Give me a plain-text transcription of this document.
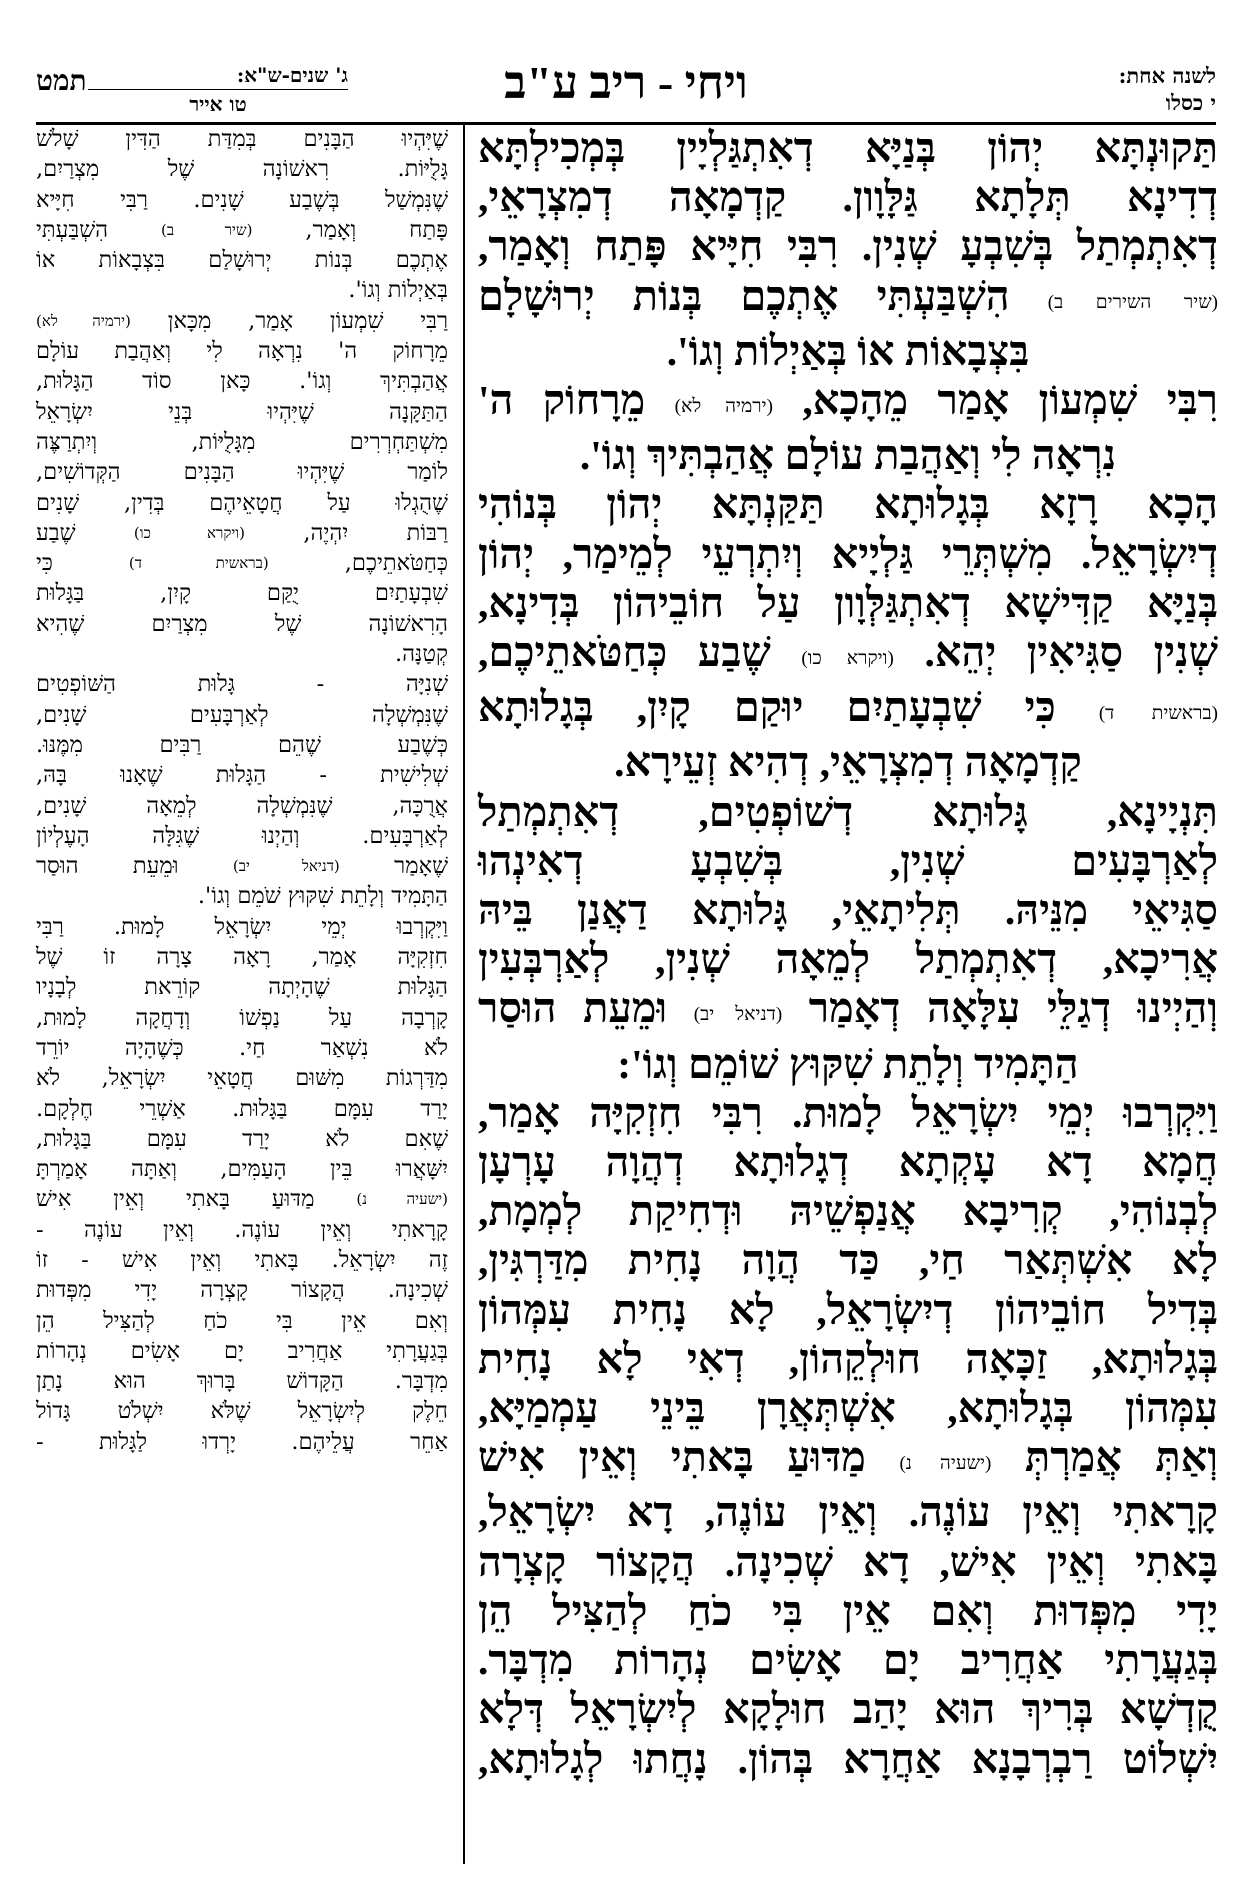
לשנה אחת:
י כסלו
ויחי - ריב ע"ב
ג' שנים-ש"א:
טו אייר
תמט
תַּקוּנְתָּא יְהוֹן בְּנַיָּא דְאִתְגַּלְיָין בְּמְכִילְתָּא
דְדִינָא תְּלָתָא גַּלָּוָון. קַדְמָאָה דְמִצְרָאֵי,
דְאִתְמְתַל בְּשִׁבְעָ שְׁנִין. רִבִּי חִיָּיא פָּתַח וְאָמַר,
(שיר השירים ב) הִשְׁבַּעְתִּי אֶתְכֶם בְּנוֹת יְרוּשָׁלָם
בִּצְבָאוֹת אוֹ בְּאַיְלוֹת וְגוֹ'.
רִבִּי שִׁמְעוֹן אָמַר מֵהָכָא, (ירמיה לא) מֵרָחוֹק ה'
נִרְאָה לִי וְאַהֲבַת עוֹלָם אֲהַבְתִּיךְ וְגוֹ'.
הָכָא רָזָא בְּגָלוּתָא תַּקַּנְתָּא יְהוֹן בְּנוֹהִי
דְיִשְׂרָאֵל. מִשְׁתְּרֵי גַּלְיָיא וְיִתְרְעֵי לְמֵימַר, יְהוֹן
בְּנַיָּא קַדִּישָׁא דְאִתְגַּלְּוָון עַל חוֹבֵיהוֹן בְּדִינָא,
שְׁנִין סַגִּיאִין יְהֵא. (ויקרא כו) שֶׁבַע כְּחַטֹּאתֵיכֶם,
(בראשית ד) כִּי שִׁבְעָתַיִם יוּקַם קָיִן, בְּגָלוּתָא
קַדְמָאָה דְמִצְרָאֵי, דְהִיא זְעֵירָא.
תִּנְיָינָא, גָּלוּתָא דְשׁוֹפְטִים, דְאִתְמְתַל
לְאַרְבָּעִים שְׁנִין, בְּשִׁבְעָ דְאִינְהוּ
סַגִּיאֵי מִנֵּיהּ. תְּלִיתָאֵי, גָּלוּתָא דַאֲנַן בֵּיהּ
אֲרִיכָא, דְאִתְמְתַל לְמֵאָה שְׁנִין, לְאַרְבְּעִין
וְהַיְינוּ דְגַלֵּי עִלָּאָה דְאָמַר (דניאל יב) וּמֵעֵת הוּסַר
הַתָּמִיד וְלָתֵת שִׁקּוּץ שׁוֹמֵם וְגוֹ':
וַיִּקְרְבוּ יְמֵי יִשְׂרָאֵל לָמוּת. רִבִּי חִזְקִיָּה אָמַר,
חֲמָא דָא עָקְתָא דְגָלוּתָא דְהֲוָה עָרְעָן
לְבְנוֹהִי, קְרִיבָא אֲנַפְשֵׁיהּ וּדְחִיקַת לְמְמָת,
לָא אִשְׁתְּאַר חַי, כַּד הֲוָה נָחִית מִדַּרְגִּין,
בְּדִיל חוֹבֵיהוֹן דְיִשְׂרָאֵל, לָא נָחִית עִמְּהוֹן
בְּגָלוּתָא, זַכָּאָה חוּלְקֵהוֹן, דְאִי לָא נָחִית
עִמְּהוֹן בְּגָלוּתָא, אִשְׁתְּאֲרָן בֵּינֵי עַמְמַיָּא,
וְאַתְּ אֲמַרְתְּ (ישעיה נ) מַדּוּעַ בָּאתִי וְאֵין אִישׁ
קָרָאתִי וְאֵין עוֹנֶה. וְאֵין עוֹנֶה, דָא יִשְׂרָאֵל,
בָּאתִי וְאֵין אִישׁ, דָא שְׁכִינָה. הֲקָצוֹר קָצְרָה
יָדִי מִפְּדוּת וְאִם אֵין בִּי כֹחַ לְהַצִּיל הֵן
בְּגַעֲרָתִי אַחֲרִיב יָם אָשִׂים נְהָרוֹת מִדְבָּר.
קֻדְשָׁא בְּרִיךְ הוּא יָהַב חוּלָקָא לְיִשְׂרָאֵל דְּלָא
יִשְׁלוֹט רַבְרְבָנָא אַחֲרָא בְּהוֹן. נָחֲתוּ לְגָלוּתָא,
שֶׁיִּהְיוּ הַבָּנִים בְּמִדַּת הַדִּין שָׁלֹשׁ
גָּלֻיּוֹת. רִאשׁוֹנָה שֶׁל מִצְרַיִם,
שֶׁנִּמְשַׁל בְּשֶׁבַע שָׁנִים. רַבִּי חִיָּיא
פָּתַח וְאָמַר, (שיר ב) הִשְׁבַּעְתִּי
אֶתְכֶם בְּנוֹת יְרוּשָׁלַם בִּצְבָאוֹת אוֹ
בְּאַיְלוֹת וְגוֹ'.
רַבִּי שִׁמְעוֹן אָמַר, מִכָּאן (ירמיה לא)
מֵרָחוֹק ה' נִרְאָה לִי וְאַהֲבַת עוֹלָם
אֲהַבְתִּיךְ וְגוֹ'. כָּאן סוֹד הַגָּלוּת,
הַתַּקָּנָה שֶׁיִּהְיוּ בְּנֵי יִשְׂרָאֵל
מִשְׁתַּחְרְרִים מִגָּלֻיּוֹת, וְיִתְרַצֶּה
לוֹמַר שֶׁיִּהְיוּ הַבָּנִים הַקְּדוֹשִׁים,
שֶׁהֻגְלוּ עַל חֲטָאֵיהֶם בְּדִין, שָׁנִים
רַבּוֹת יִהְיֶה, (ויקרא כו) שֶׁבַע
כְּחַטֹּאתֵיכֶם, (בראשית ד) כִּי
שִׁבְעָתַיִם יֻקַּם קָיִן, בַּגָּלוּת
הָרִאשׁוֹנָה שֶׁל מִצְרַיִם שֶׁהִיא
קְטַנָּה.
שְׁנִיָּה - גָּלוּת הַשּׁוֹפְטִים
שֶׁנִּמְשְׁלָה לְאַרְבָּעִים שָׁנִים,
כְּשֶׁבַע שֶׁהֵם רַבִּים מִמֶּנּוּ.
שְׁלִישִׁית - הַגָּלוּת שֶׁאָנוּ בָּהּ,
אֲרֻכָּה, שֶׁנִּמְשְׁלָה לְמֵאָה שָׁנִים,
לְאַרְבָּעִים. וְהַיְנוּ שֶׁגִּלָּה הָעֶלְיוֹן
שֶׁאָמַר (דניאל יב) וּמֵעֵת הוּסַר
הַתָּמִיד וְלָתֵת שִׁקּוּץ שֹׁמֵם וְגוֹ'.
וַיִּקְרְבוּ יְמֵי יִשְׂרָאֵל לָמוּת. רַבִּי
חִזְקִיָּה אָמַר, רָאָה צָרָה זוֹ שֶׁל
הַגָּלוּת שֶׁהָיְתָה קוֹרֵאת לְבָנָיו
קָרְבָה עַל נַפְשׁוֹ וְדָחֲקָה לָמוּת,
לֹא נִשְׁאַר חַי. כְּשֶׁהָיָה יוֹרֵד
מִדַּרְגוֹת מִשּׁוּם חֲטָאֵי יִשְׂרָאֵל, לֹא
יָרַד עִמָּם בַּגָּלוּת. אַשְׁרֵי חֶלְקָם.
שֶׁאִם לֹא יָרַד עִמָּם בַּגָּלוּת,
יִשָּׁאֲרוּ בֵּין הָעַמִּים, וְאַתָּה אָמַרְתָּ
(ישעיה נ) מַדּוּעַ בָּאתִי וְאֵין אִישׁ
קָרָאתִי וְאֵין עוֹנֶה. וְאֵין עוֹנֶה -
זֶה יִשְׂרָאֵל. בָּאתִי וְאֵין אִישׁ - זוֹ
שְׁכִינָה. הֲקָצוֹר קָצְרָה יָדִי מִפְּדוּת
וְאִם אֵין בִּי כֹחַ לְהַצִּיל הֵן
בְּגַעֲרָתִי אַחֲרִיב יָם אָשִׂים נְהָרוֹת
מִדְבָּר. הַקָּדוֹשׁ בָּרוּךְ הוּא נָתַן
חֵלֶק לְיִשְׂרָאֵל שֶׁלֹּא יִשְׁלֹט גָּדוֹל
אַחֵר עֲלֵיהֶם. יָרְדוּ לַגָּלוּת -
